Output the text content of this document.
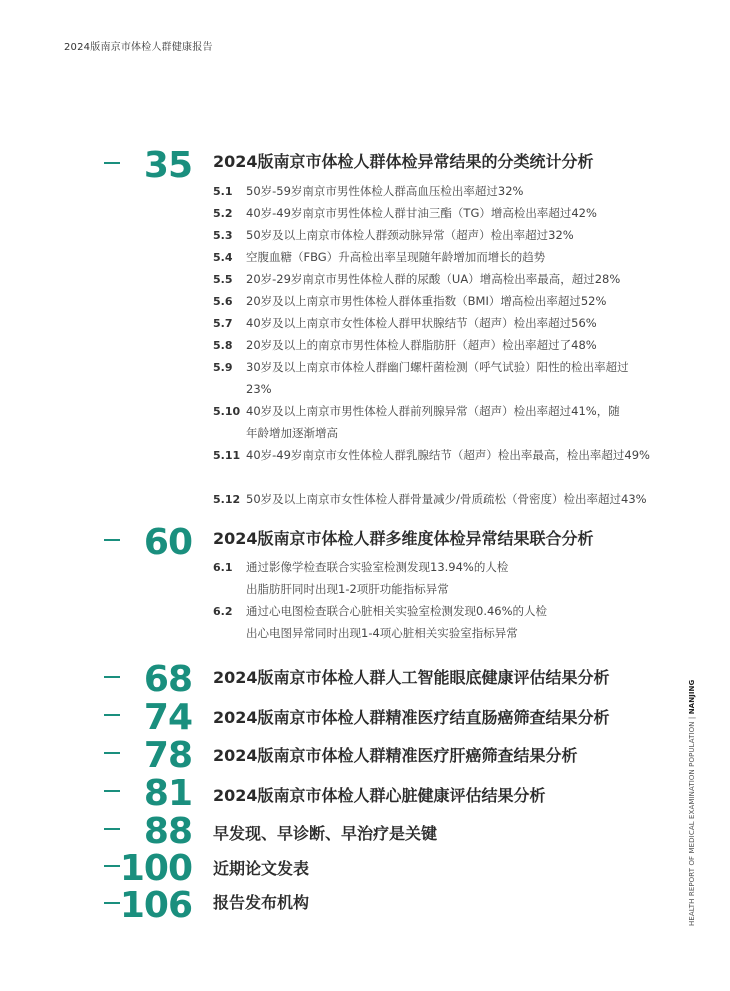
2024版南京市体检人群健康报告
HEALTH REPORT OF MEDICAL EXAMINATION POPULATION | NANJING
35 2024版南京市体检人群体检异常结果的分类统计分析
5.1	50岁-59岁南京市男性体检人群高血压检出率超过32%
5.2	40岁-49岁南京市男性体检人群甘油三酯（TG）增高检出率超过42%
5.3	50岁及以上南京市体检人群颈动脉异常（超声）检出率超过32%
5.4	空腹血糖（FBG）升高检出率呈现随年龄增加而增长的趋势
5.5	20岁-29岁南京市男性体检人群的尿酸（UA）增高检出率最高，超过28%
5.6	20岁及以上南京市男性体检人群体重指数（BMI）增高检出率超过52%
5.7	40岁及以上南京市女性体检人群甲状腺结节（超声）检出率超过56%
5.8	20岁及以上的南京市男性体检人群脂肪肝（超声）检出率超过了48%
5.9	30岁及以上南京市体检人群幽门螺杆菌检测（呼气试验）阳性的检出率超过23%
5.10 40岁及以上南京市男性体检人群前列腺异常（超声）检出率超过41%，随年龄增加逐渐增高
5.11 40岁-49岁南京市女性体检人群乳腺结节（超声）检出率最高，检出率超过49%
5.12 50岁及以上南京市女性体检人群骨量减少/骨质疏松（骨密度）检出率超过43%
60 2024版南京市体检人群多维度体检异常结果联合分析
6.1	通过影像学检查联合实验室检测发现13.94%的人检出脂肪肝同时出现1-2项肝功能指标异常
6.2	通过心电图检查联合心脏相关实验室检测发现0.46%的人检出心电图异常同时出现1-4项心脏相关实验室指标异常
68 2024版南京市体检人群人工智能眼底健康评估结果分析
74 2024版南京市体检人群精准医疗结直肠癌筛查结果分析
78 2024版南京市体检人群精准医疗肝癌筛查结果分析
81 2024版南京市体检人群心脏健康评估结果分析
88 早发现、早诊断、早治疗是关键
100 近期论文发表
106 报告发布机构
